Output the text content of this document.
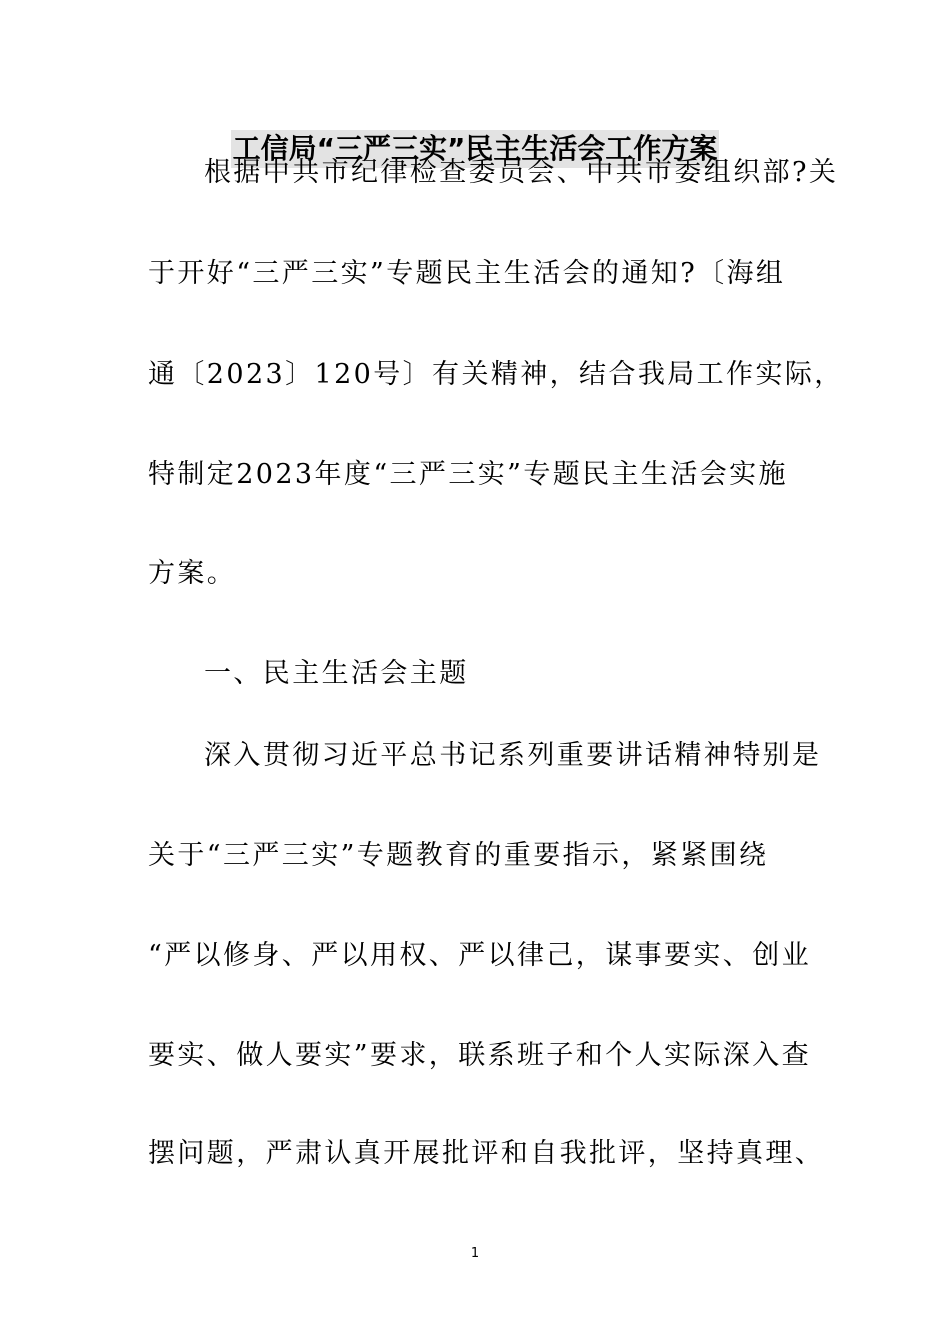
工信局“三严三实”民主生活会工作方案
根据中共市纪律检查委员会、中共市委组织部?关
于开好“三严三实”专题民主生活会的通知?〔海组
通〔2023〕120号〕有关精神，结合我局工作实际，
特制定2023年度“三严三实”专题民主生活会实施
方案。
一、民主生活会主题
深入贯彻习近平总书记系列重要讲话精神特别是
关于“三严三实”专题教育的重要指示，紧紧围绕
“严以修身、严以用权、严以律己，谋事要实、创业
要实、做人要实”要求，联系班子和个人实际深入查
摆问题，严肃认真开展批评和自我批评，坚持真理、
1
